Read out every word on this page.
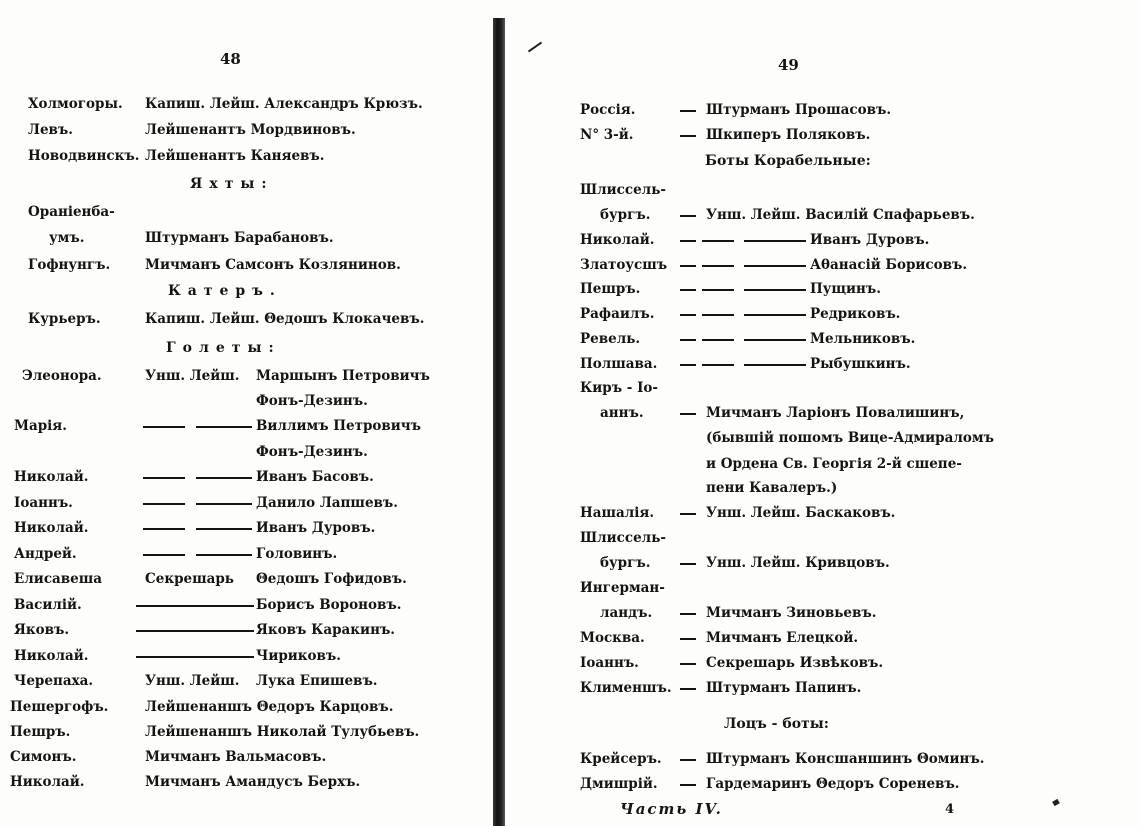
48
Холмогоры. Капиш. Лейш. Александръ Крюзъ.
Левъ.	Лейшенантъ Мордвиновъ.
Новодвинскъ. Лейшенантъ Каняевъ.
Яхты:
Оранiенба-
умъ.	Штурманъ Барабановъ.
Гофнунгъ.	Мичманъ Самсонъ Козлянинов.
Катеръ.
Курьеръ.	Капиш. Лейш. Θедошъ Клокачевъ.
Голеты:
Элеонора.	Унш. Лейш. Маршынъ Петровичъ
Фонъ-Дезинъ.
Марiя.	Виллимъ Петровичъ
Фонъ-Дезинъ.
Николай.	Иванъ Басовъ.
Iоаннъ.	Данило Лапшевъ.
Николай.	Иванъ Дуровъ.
Андрей.	Головинъ.
Елисавеша	Секрешарь Θедошъ Гофидовъ.
Василiй.	Борисъ Вороновъ.
Яковъ.	Яковъ Каракинъ.
Николай.	Чириковъ.
Черепаха.	Унш. Лейш. Лука Епишевъ.
Пешергофъ.	Лейшенаншъ Θедоръ Карцовъ.
Пешръ.	Лейшенаншъ Николай Тулубьевъ.
Симонъ.	Мичманъ Вальмасовъ.
Николай.	Мичманъ Амандусъ Берхъ.
49
Россiя.	Штурманъ Прошасовъ.
N° 3-й.	Шкиперъ Поляковъ.
Боты Корабельные:
Шлиссель-
бургъ.	Унш. Лейш. Василiй Спафарьевъ.
Николай.	Иванъ Дуровъ.
Златоусшъ	Аθанасiй Борисовъ.
Пешръ.	Пущинъ.
Рафаилъ.	Редриковъ.
Ревель.	Мельниковъ.
Полшава.	Рыбушкинъ.
Киръ - Io-
аннъ.	Мичманъ Ларiонъ Повалишинъ,
(бывшiй пошомъ Вице-Адмираломъ
и Ордена Св. Георгiя 2-й сшепе-
пени Кавалеръ.)
Нашалiя.	Унш. Лейш. Баскаковъ.
Шлиссель-
бургъ.	Унш. Лейш. Кривцовъ.
Ингерман-
ландъ.	Мичманъ Зиновьевъ.
Москва.	Мичманъ Елецкой.
Iоаннъ.	Секрешарь Извѣковъ.
Клименшъ.	Штурманъ Папинъ.
Лоцъ - боты:
Крейсеръ.	Штурманъ Консшаншинъ Θоминъ.
Дмишрiй.	Гардемаринъ Θедоръ Сореневъ.
Часть IV.	4
